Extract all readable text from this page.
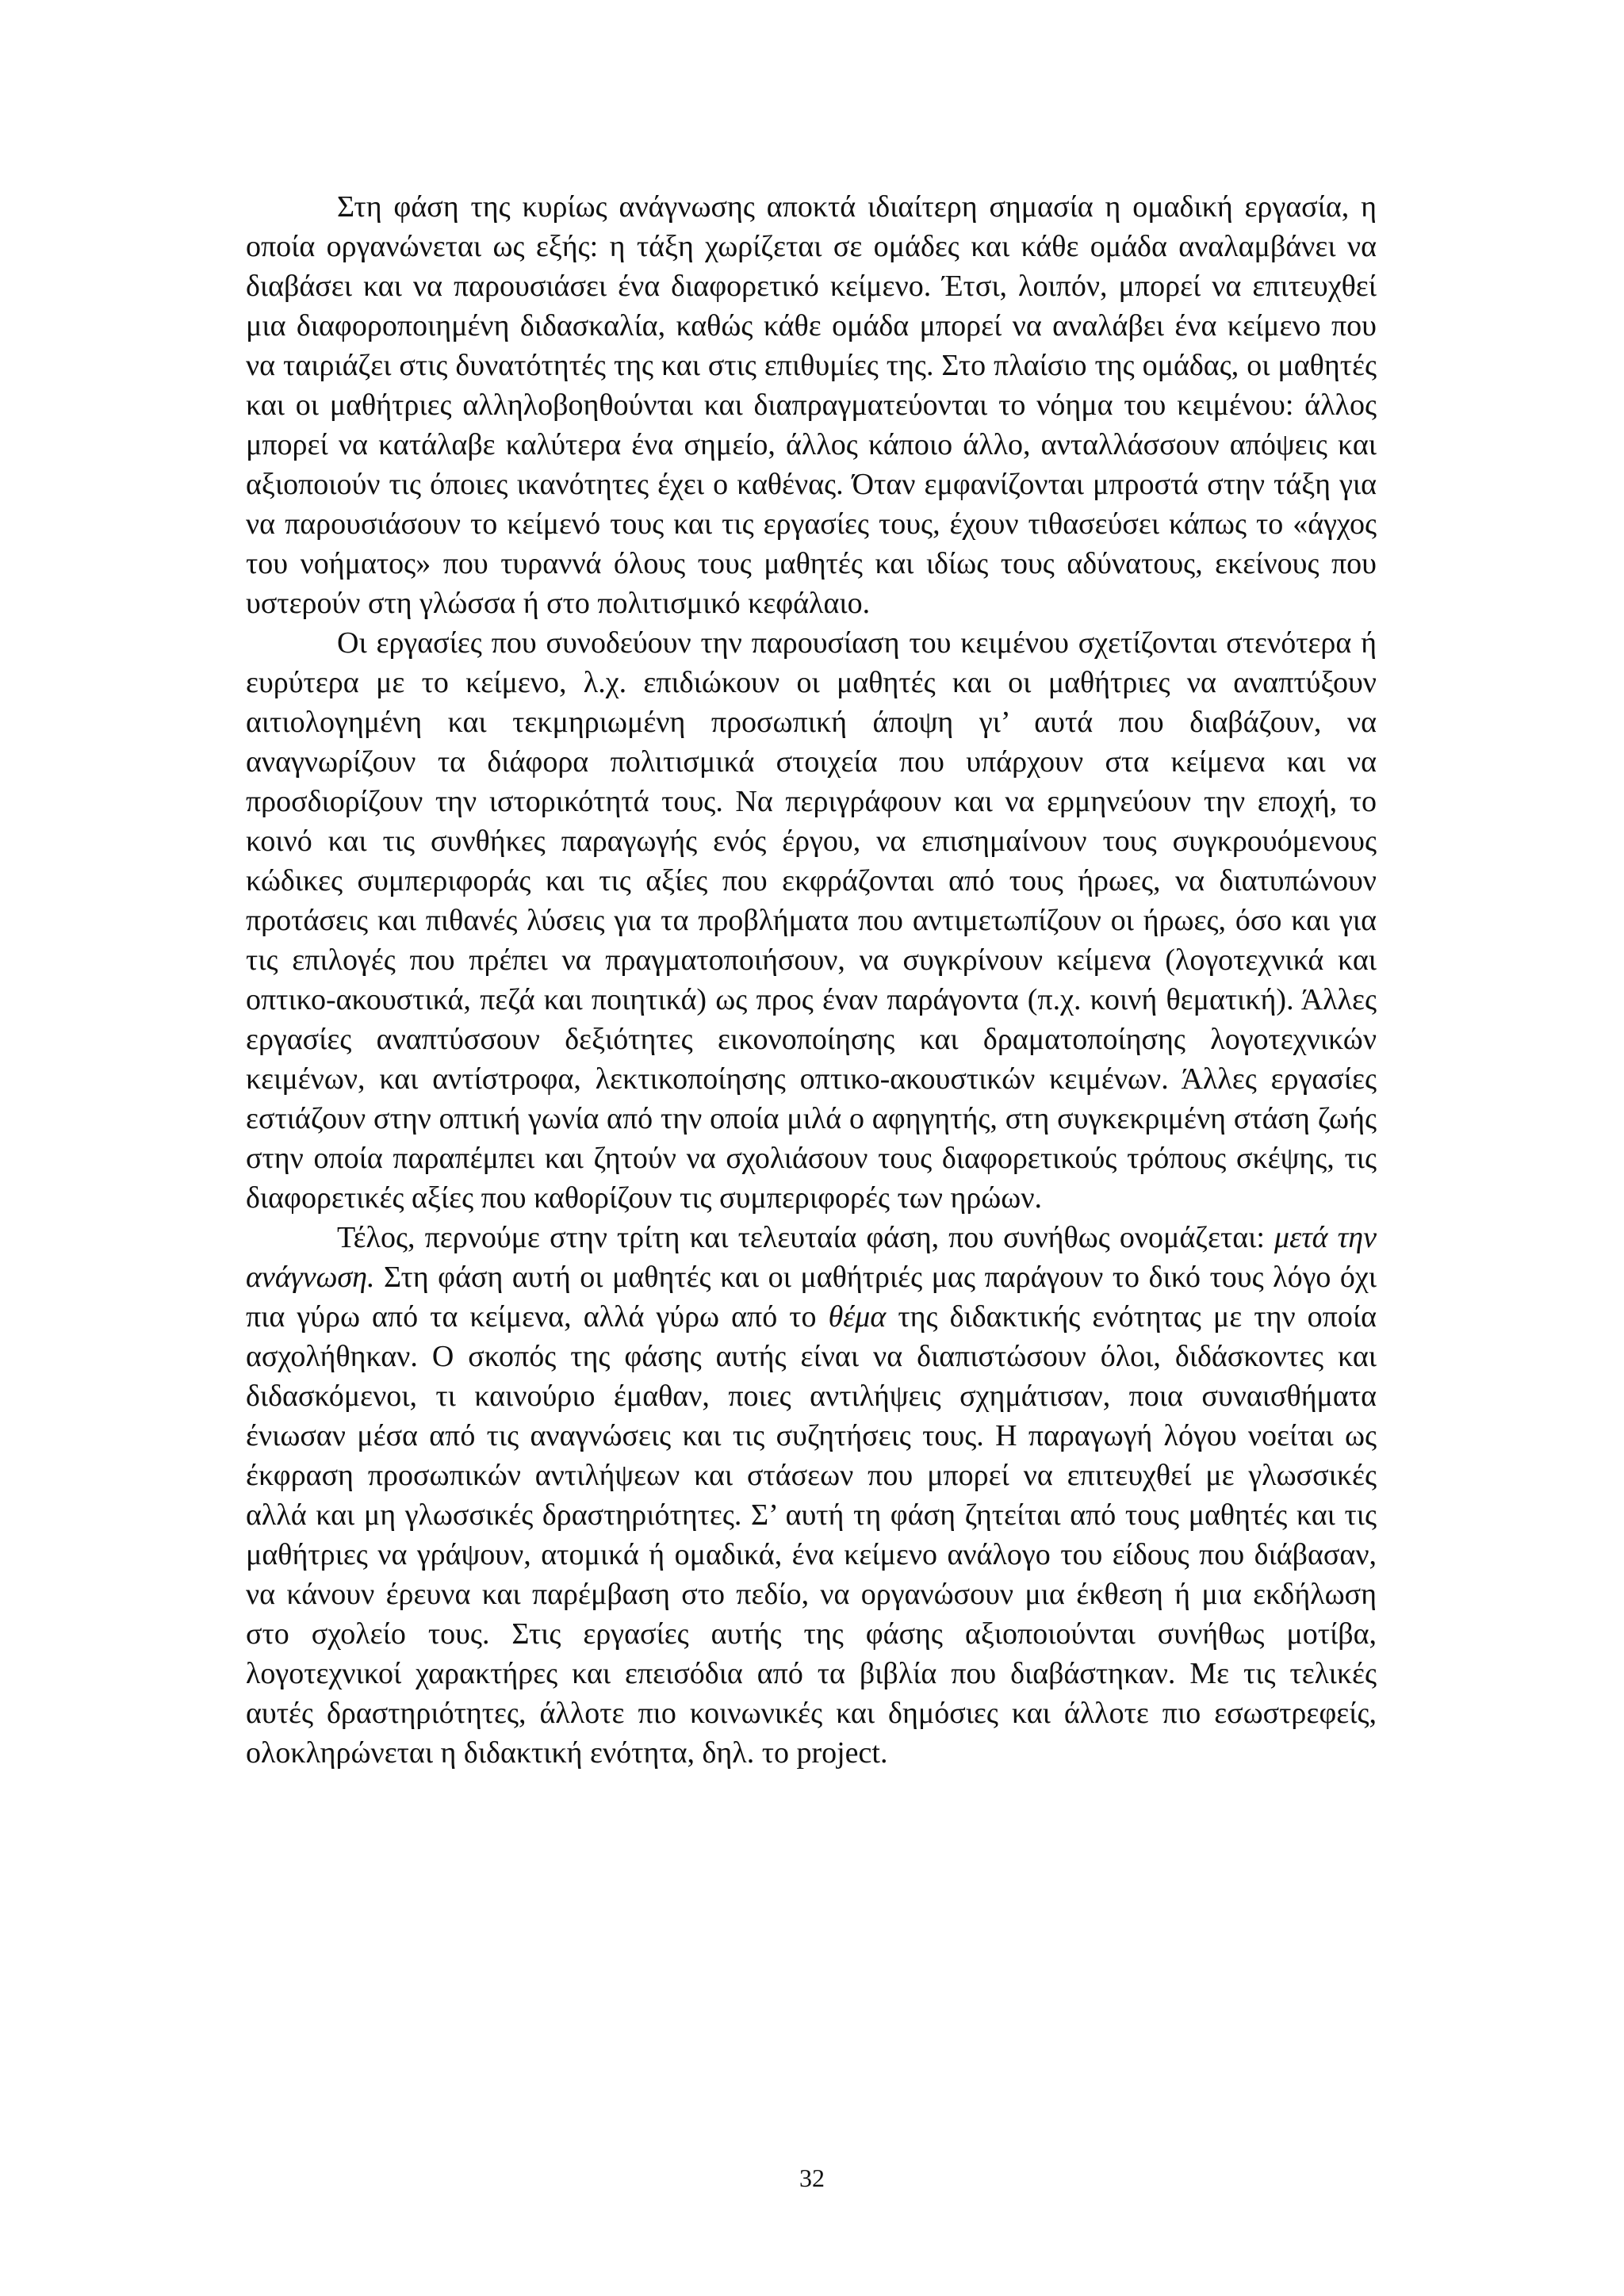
Στη φάση της κυρίως ανάγνωσης αποκτά ιδιαίτερη σημασία η ομαδική εργασία, η οποία οργανώνεται ως εξής: η τάξη χωρίζεται σε ομάδες και κάθε ομάδα αναλαμβάνει να διαβάσει και να παρουσιάσει ένα διαφορετικό κείμενο. Έτσι, λοιπόν, μπορεί να επιτευχθεί μια διαφοροποιημένη διδασκαλία, καθώς κάθε ομάδα μπορεί να αναλάβει ένα κείμενο που να ταιριάζει στις δυνατότητές της και στις επιθυμίες της. Στο πλαίσιο της ομάδας, οι μαθητές και οι μαθήτριες αλληλοβοηθούνται και διαπραγματεύονται το νόημα του κειμένου: άλλος μπορεί να κατάλαβε καλύτερα ένα σημείο, άλλος κάποιο άλλο, ανταλλάσσουν απόψεις και αξιοποιούν τις όποιες ικανότητες έχει ο καθένας. Όταν εμφανίζονται μπροστά στην τάξη για να παρουσιάσουν το κείμενό τους και τις εργασίες τους, έχουν τιθασεύσει κάπως το «άγχος του νοήματος» που τυραννά όλους τους μαθητές και ιδίως τους αδύνατους, εκείνους που υστερούν στη γλώσσα ή στο πολιτισμικό κεφάλαιο.

Οι εργασίες που συνοδεύουν την παρουσίαση του κειμένου σχετίζονται στενότερα ή ευρύτερα με το κείμενο, λ.χ. επιδιώκουν οι μαθητές και οι μαθήτριες να αναπτύξουν αιτιολογημένη και τεκμηριωμένη προσωπική άποψη γι’ αυτά που διαβάζουν, να αναγνωρίζουν τα διάφορα πολιτισμικά στοιχεία που υπάρχουν στα κείμενα και να προσδιορίζουν την ιστορικότητά τους. Να περιγράφουν και να ερμηνεύουν την εποχή, το κοινό και τις συνθήκες παραγωγής ενός έργου, να επισημαίνουν τους συγκρουόμενους κώδικες συμπεριφοράς και τις αξίες που εκφράζονται από τους ήρωες, να διατυπώνουν προτάσεις και πιθανές λύσεις για τα προβλήματα που αντιμετωπίζουν οι ήρωες, όσο και για τις επιλογές που πρέπει να πραγματοποιήσουν, να συγκρίνουν κείμενα (λογοτεχνικά και οπτικο-ακουστικά, πεζά και ποιητικά) ως προς έναν παράγοντα (π.χ. κοινή θεματική). Άλλες εργασίες αναπτύσσουν δεξιότητες εικονοποίησης και δραματοποίησης λογοτεχνικών κειμένων, και αντίστροφα, λεκτικοποίησης οπτικο-ακουστικών κειμένων. Άλλες εργασίες εστιάζουν στην οπτική γωνία από την οποία μιλά ο αφηγητής, στη συγκεκριμένη στάση ζωής στην οποία παραπέμπει και ζητούν να σχολιάσουν τους διαφορετικούς τρόπους σκέψης, τις διαφορετικές αξίες που καθορίζουν τις συμπεριφορές των ηρώων.

Τέλος, περνούμε στην τρίτη και τελευταία φάση, που συνήθως ονομάζεται: μετά την ανάγνωση. Στη φάση αυτή οι μαθητές και οι μαθήτριές μας παράγουν το δικό τους λόγο όχι πια γύρω από τα κείμενα, αλλά γύρω από το θέμα της διδακτικής ενότητας με την οποία ασχολήθηκαν. Ο σκοπός της φάσης αυτής είναι να διαπιστώσουν όλοι, διδάσκοντες και διδασκόμενοι, τι καινούριο έμαθαν, ποιες αντιλήψεις σχημάτισαν, ποια συναισθήματα ένιωσαν μέσα από τις αναγνώσεις και τις συζητήσεις τους. Η παραγωγή λόγου νοείται ως έκφραση προσωπικών αντιλήψεων και στάσεων που μπορεί να επιτευχθεί με γλωσσικές αλλά και μη γλωσσικές δραστηριότητες. Σ’ αυτή τη φάση ζητείται από τους μαθητές και τις μαθήτριες να γράψουν, ατομικά ή ομαδικά, ένα κείμενο ανάλογο του είδους που διάβασαν, να κάνουν έρευνα και παρέμβαση στο πεδίο, να οργανώσουν μια έκθεση ή μια εκδήλωση στο σχολείο τους. Στις εργασίες αυτής της φάσης αξιοποιούνται συνήθως μοτίβα, λογοτεχνικοί χαρακτήρες και επεισόδια από τα βιβλία που διαβάστηκαν. Με τις τελικές αυτές δραστηριότητες, άλλοτε πιο κοινωνικές και δημόσιες και άλλοτε πιο εσωστρεφείς, ολοκληρώνεται η διδακτική ενότητα, δηλ. το project.

32
